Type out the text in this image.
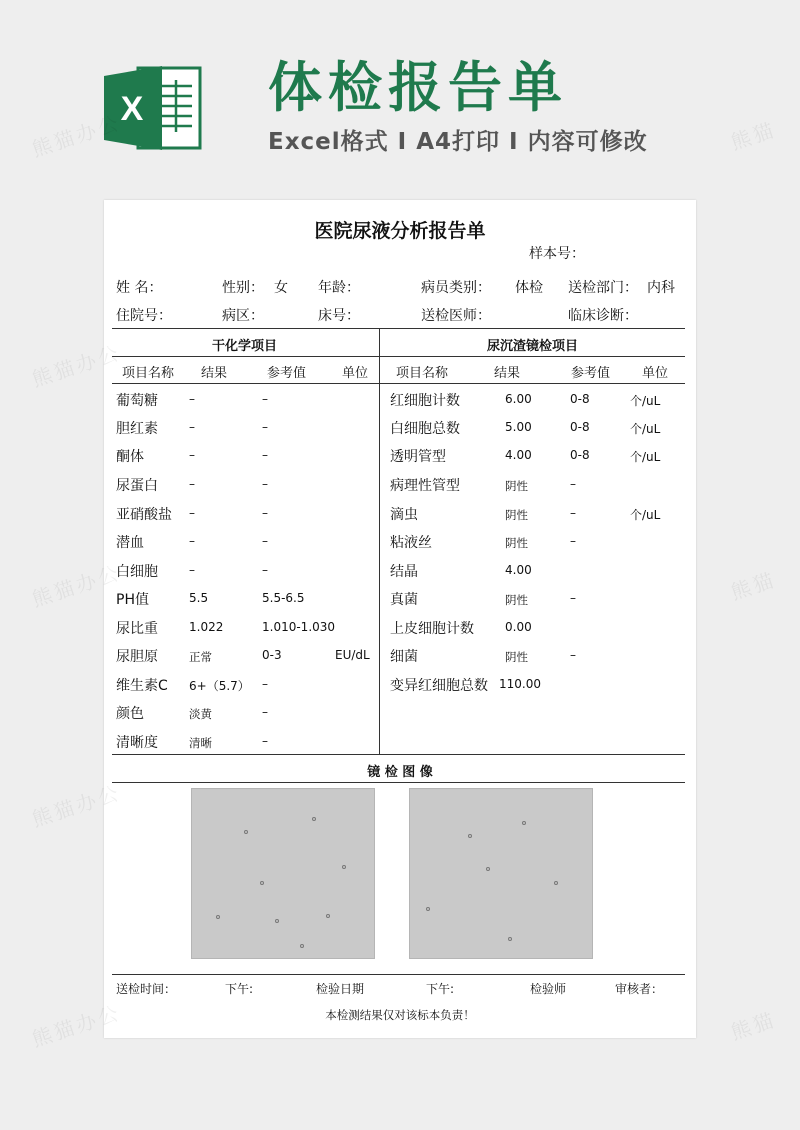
X 体检报告单
Excel格式 I A4打印 I 内容可修改
医院尿液分析报告单
样本号：
姓 名：	性别： 女 年龄：	病员类别： 体检 送检部门： 内科
住院号：	病区：	床号：	送检医师：	临床诊断：
干化学项目	尿沉渣镜检项目
项目名称 结果	参考值	单位 项目名称	结果	参考值 单位
葡萄糖	–	–
胆红素	–	–
酮体	–	–
尿蛋白	–	–
亚硝酸盐 –	–
潜血	–	–
白细胞	–	–
PH值	5.5	5.5-6.5
尿比重	1.022	1.010-1.030
尿胆原	正常	0-3	EU/dL
维生素C 6+（5.7） –
颜色	淡黄	–
清晰度	清晰	–
红细胞计数	6.00	0-8	个/uL
白细胞总数	5.00	0-8	个/uL
透明管型	4.00	0-8	个/uL
病理性管型	阴性	–
滴虫	阴性	–	个/uL
粘液丝	阴性	–
结晶	4.00
真菌	阴性	–
上皮细胞计数	0.00
细菌	阴性	–
变异红细胞总数 110.00
镜 检 图 像
送检时间：	下午:	检验日期	下午:	检验师	审核者：
本检测结果仅对该标本负责！
熊猫办公	熊猫
熊猫办公
熊猫办公
熊猫办公
熊猫办公
熊猫
熊猫
